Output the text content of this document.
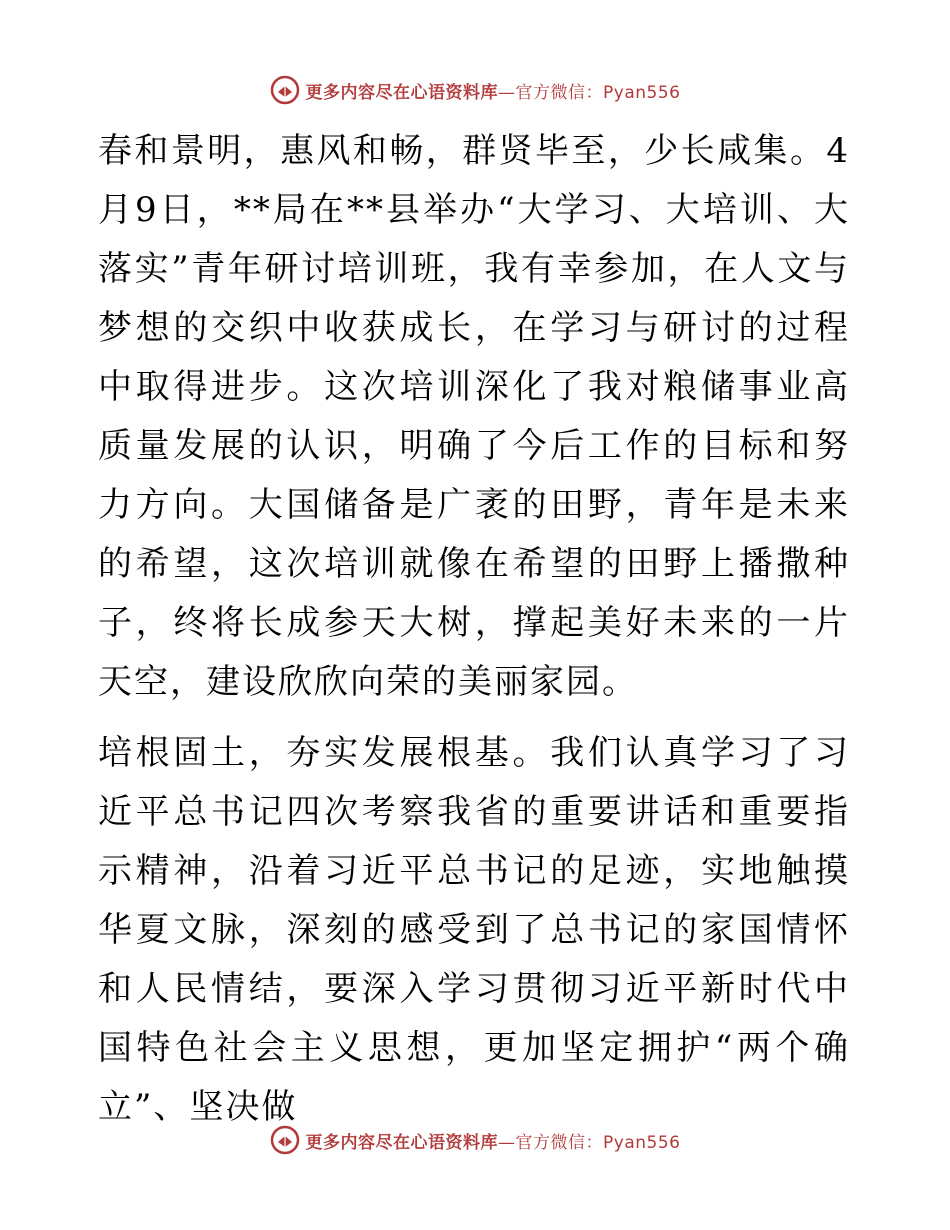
更多内容尽在心语资料库—官方微信：Pyan556

春和景明，惠风和畅，群贤毕至，少长咸集。4月9日，**局在**县举办“大学习、大培训、大落实”青年研讨培训班，我有幸参加，在人文与梦想的交织中收获成长，在学习与研讨的过程中取得进步。这次培训深化了我对粮储事业高质量发展的认识，明确了今后工作的目标和努力方向。大国储备是广袤的田野，青年是未来的希望，这次培训就像在希望的田野上播撒种子，终将长成参天大树，撑起美好未来的一片天空，建设欣欣向荣的美丽家园。

培根固土，夯实发展根基。我们认真学习了习近平总书记四次考察我省的重要讲话和重要指示精神，沿着习近平总书记的足迹，实地触摸华夏文脉，深刻的感受到了总书记的家国情怀和人民情结，要深入学习贯彻习近平新时代中国特色社会主义思想，更加坚定拥护“两个确立”、坚决做

更多内容尽在心语资料库—官方微信：Pyan556
